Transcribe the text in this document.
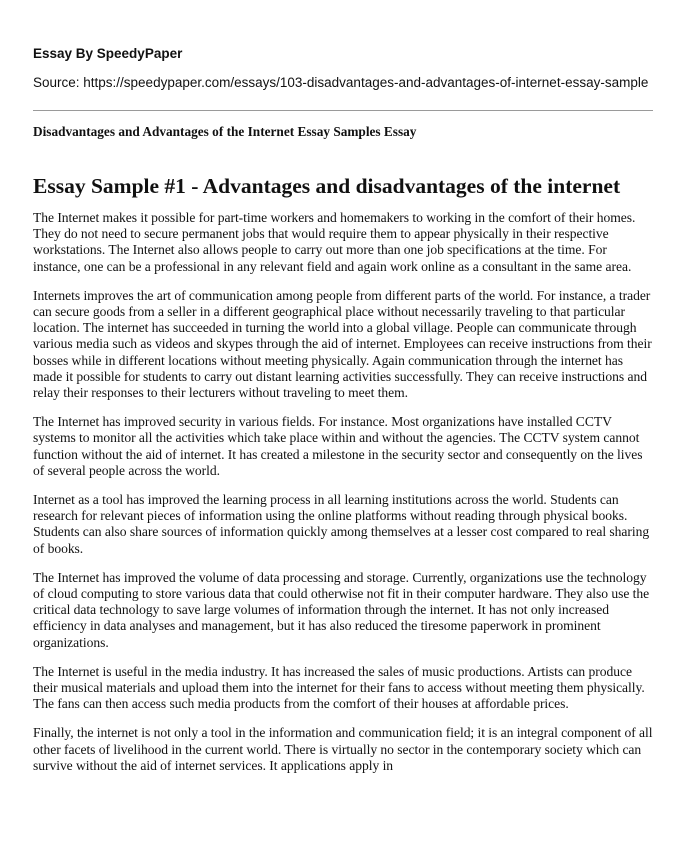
Essay By SpeedyPaper
Source: https://speedypaper.com/essays/103-disadvantages-and-advantages-of-internet-essay-sample
Disadvantages and Advantages of the Internet Essay Samples Essay
Essay Sample #1 - Advantages and disadvantages of the internet

The Internet makes it possible for part-time workers and homemakers to working in the comfort of their homes. They do not need to secure permanent jobs that would require them to appear physically in their respective workstations. The Internet also allows people to carry out more than one job specifications at the time. For instance, one can be a professional in any relevant field and again work online as a consultant in the same area.

Internets improves the art of communication among people from different parts of the world. For instance, a trader can secure goods from a seller in a different geographical place without necessarily traveling to that particular location. The internet has succeeded in turning the world into a global village. People can communicate through various media such as videos and skypes through the aid of internet. Employees can receive instructions from their bosses while in different locations without meeting physically. Again communication through the internet has made it possible for students to carry out distant learning activities successfully. They can receive instructions and relay their responses to their lecturers without traveling to meet them.

The Internet has improved security in various fields. For instance. Most organizations have installed CCTV systems to monitor all the activities which take place within and without the agencies. The CCTV system cannot function without the aid of internet. It has created a milestone in the security sector and consequently on the lives of several people across the world.

Internet as a tool has improved the learning process in all learning institutions across the world. Students can research for relevant pieces of information using the online platforms without reading through physical books. Students can also share sources of information quickly among themselves at a lesser cost compared to real sharing of books.

The Internet has improved the volume of data processing and storage. Currently, organizations use the technology of cloud computing to store various data that could otherwise not fit in their computer hardware. They also use the critical data technology to save large volumes of information through the internet. It has not only increased efficiency in data analyses and management, but it has also reduced the tiresome paperwork in prominent organizations.

The Internet is useful in the media industry. It has increased the sales of music productions. Artists can produce their musical materials and upload them into the internet for their fans to access without meeting them physically. The fans can then access such media products from the comfort of their houses at affordable prices.

Finally, the internet is not only a tool in the information and communication field; it is an integral component of all other facets of livelihood in the current world. There is virtually no sector in the contemporary society which can survive without the aid of internet services. It applications apply in
